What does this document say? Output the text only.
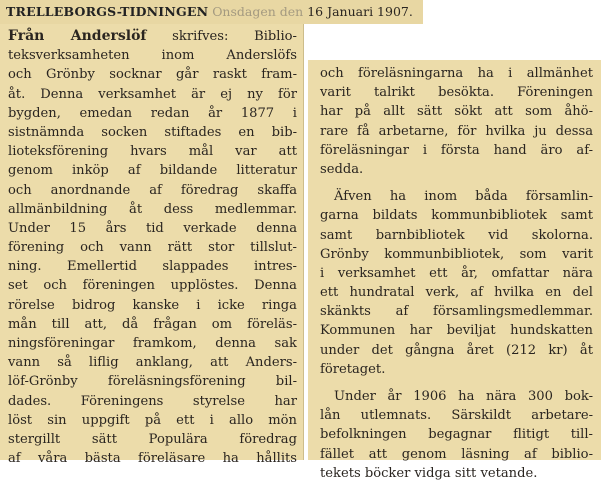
TRELLEBORGS-TIDNINGEN Onsdagen den 16 Januari 1907.
Från Anderslöf skrifves: Biblio-
teksverksamheten inom Anderslöfs
och Grönby socknar går raskt fram-
åt. Denna verksamhet är ej ny för
bygden, emedan redan år 1877 i
sistnämnda socken stiftades en bib-
lioteksförening hvars mål var att
genom inköp af bildande litteratur
och anordnande af föredrag skaffa
allmänbildning åt dess medlemmar.
Under 15 års tid verkade denna
förening och vann rätt stor tillslut-
ning. Emellertid slappades intres-
set och föreningen upplöstes. Denna
rörelse bidrog kanske i icke ringa
mån till att, då frågan om föreläs-
ningsföreningar framkom, denna sak
vann så liflig anklang, att Anders-
löf-Grönby föreläsningsförening bil-
dades. Föreningens styrelse har
löst sin uppgift på ett i allo mön
stergillt sätt Populära föredrag
af våra bästa föreläsare ha hållits
och föreläsningarna ha i allmänhet
varit talrikt besökta. Föreningen
har på allt sätt sökt att som åhö-
rare få arbetarne, för hvilka ju dessa
föreläsningar i första hand äro af-
sedda.
Äfven ha inom båda församlin-
garna bildats kommunbibliotek samt
samt barnbibliotek vid skolorna.
Grönby kommunbibliotek, som varit
i verksamhet ett år, omfattar nära
ett hundratal verk, af hvilka en del
skänkts af församlingsmedlemmar.
Kommunen har beviljat hundskatten
under det gångna året (212 kr) åt
företaget.
Under år 1906 ha nära 300 bok-
lån utlemnats. Särskildt arbetare-
befolkningen begagnar flitigt till-
fället att genom läsning af biblio-
tekets böcker vidga sitt vetande.
